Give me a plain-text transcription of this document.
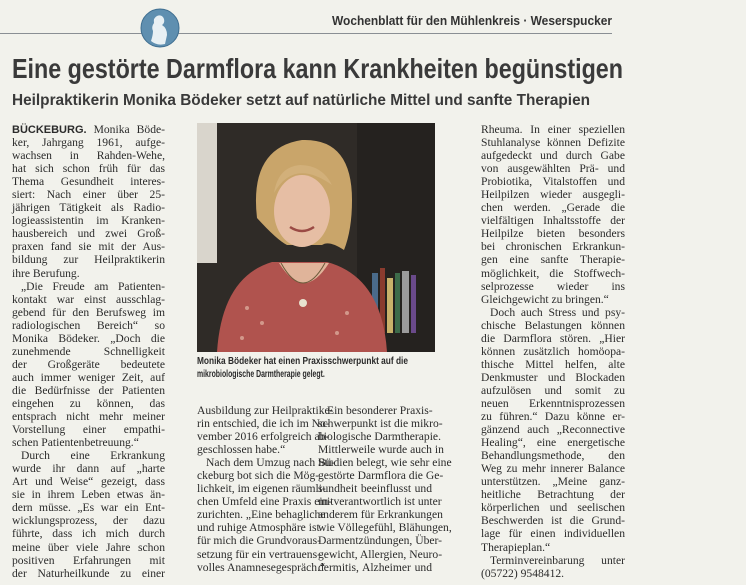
Wochenblatt für den Mühlenkreis · Weserspucker
Eine gestörte Darmflora kann Krankheiten begünstigen
Heilpraktikerin Monika Bödeker setzt auf natürliche Mittel und sanfte Therapien
Monika Bödeker hat einen Praxisschwerpunkt auf die
mikrobiologische Darmtherapie gelegt.
BÜCKEBURG. Monika Böde-
ker, Jahrgang 1961, aufge-
wachsen in Rahden-Wehe,
hat sich schon früh für das
Thema Gesundheit interes-
siert: Nach einer über 25-
jährigen Tätigkeit als Radio-
logieassistentin im Kranken-
hausbereich und zwei Groß-
praxen fand sie mit der Aus-
bildung zur Heilpraktikerin
ihre Berufung.
„Die Freude am Patienten-
kontakt war einst ausschlag-
gebend für den Berufsweg im
radiologischen Bereich“ so
Monika Bödeker. „Doch die
zunehmende Schnelligkeit
der Großgeräte bedeutete
auch immer weniger Zeit, auf
die Bedürfnisse der Patienten
eingehen zu können, das
entsprach nicht mehr meiner
Vorstellung einer empathi-
schen Patientenbetreuung.“
Durch eine Erkrankung
wurde ihr dann auf „harte
Art und Weise“ gezeigt, dass
sie in ihrem Leben etwas än-
dern müsse. „Es war ein Ent-
wicklungsprozess, der dazu
führte, dass ich mich durch
meine über viele Jahre schon
positiven Erfahrungen mit
der Naturheilkunde zu einer
Ausbildung zur Heilpraktike-
rin entschied, die ich im No-
vember 2016 erfolgreich ab-
geschlossen habe.“
Nach dem Umzug nach Bü-
ckeburg bot sich die Mög-
lichkeit, im eigenen räumli-
chen Umfeld eine Praxis ein-
zurichten. „Eine behagliche
und ruhige Atmosphäre ist
für mich die Grundvoraus-
setzung für ein vertrauens-
volles Anamnesegespräch.“
Ein besonderer Praxis-
schwerpunkt ist die mikro-
biologische Darmtherapie.
Mittlerweile wurde auch in
Studien belegt, wie sehr eine
gestörte Darmflora die Ge-
sundheit beeinflusst und
mitverantwortlich ist unter
anderem für Erkrankungen
wie Völlegefühl, Blähungen,
Darmentzündungen, Über-
gewicht, Allergien, Neuro-
dermitis, Alzheimer und
Rheuma. In einer speziellen
Stuhlanalyse können Defizite
aufgedeckt und durch Gabe
von ausgewählten Prä- und
Probiotika, Vitalstoffen und
Heilpilzen wieder ausgegli-
chen werden. „Gerade die
vielfältigen Inhaltsstoffe der
Heilpilze bieten besonders
bei chronischen Erkrankun-
gen eine sanfte Therapie-
möglichkeit, die Stoffwech-
selprozesse wieder ins
Gleichgewicht zu bringen.“
Doch auch Stress und psy-
chische Belastungen können
die Darmflora stören. „Hier
können zusätzlich homöopa-
thische Mittel helfen, alte
Denkmuster und Blockaden
aufzulösen und somit zu
neuen Erkenntnisprozessen
zu führen.“ Dazu könne er-
gänzend auch „Reconnective
Healing“, eine energetische
Behandlungsmethode, den
Weg zu mehr innerer Balance
unterstützen. „Meine ganz-
heitliche Betrachtung der
körperlichen und seelischen
Beschwerden ist die Grund-
lage für einen individuellen
Therapieplan.“
Terminvereinbarung unter
(05722) 9548412.
